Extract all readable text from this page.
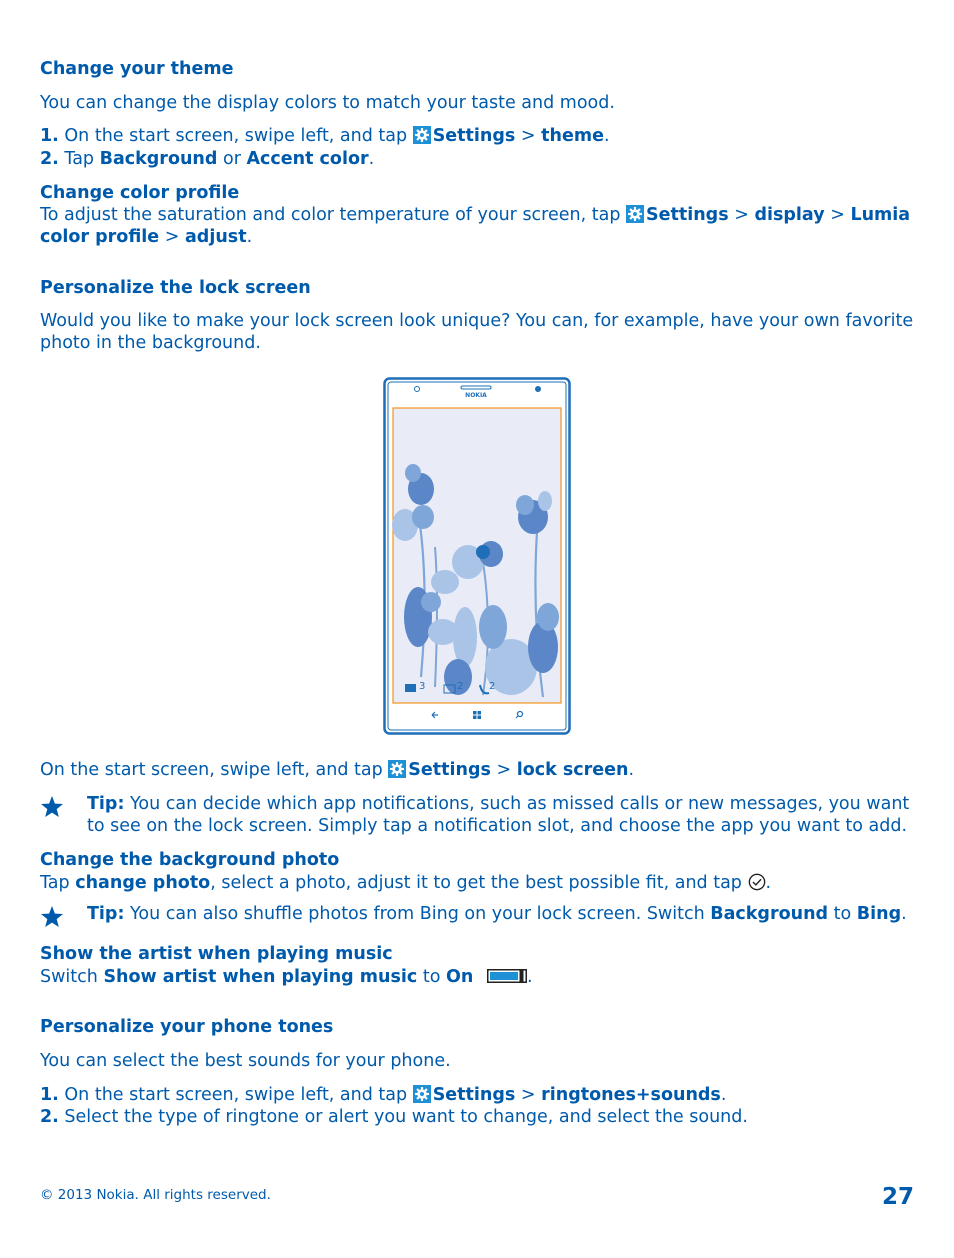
Change your theme
You can change the display colors to match your taste and mood.
1. On the start screen, swipe left, and tap Settings > theme.
2. Tap Background or Accent color.
Change color profile
To adjust the saturation and color temperature of your screen, tap Settings > display > Lumia color profile > adjust.
Personalize the lock screen
Would you like to make your lock screen look unique? You can, for example, have your own favorite photo in the background.
NOKIA
3	2	2
On the start screen, swipe left, and tap Settings > lock screen.
Tip: You can decide which app notifications, such as missed calls or new messages, you want to see on the lock screen. Simply tap a notification slot, and choose the app you want to add.
Change the background photo
Tap change photo, select a photo, adjust it to get the best possible fit, and tap .
Tip: You can also shuffle photos from Bing on your lock screen. Switch Background to Bing.
Show the artist when playing music
Switch Show artist when playing music to On	.
Personalize your phone tones
You can select the best sounds for your phone.
1. On the start screen, swipe left, and tap Settings > ringtones+sounds.
2. Select the type of ringtone or alert you want to change, and select the sound.
© 2013 Nokia. All rights reserved.	27
